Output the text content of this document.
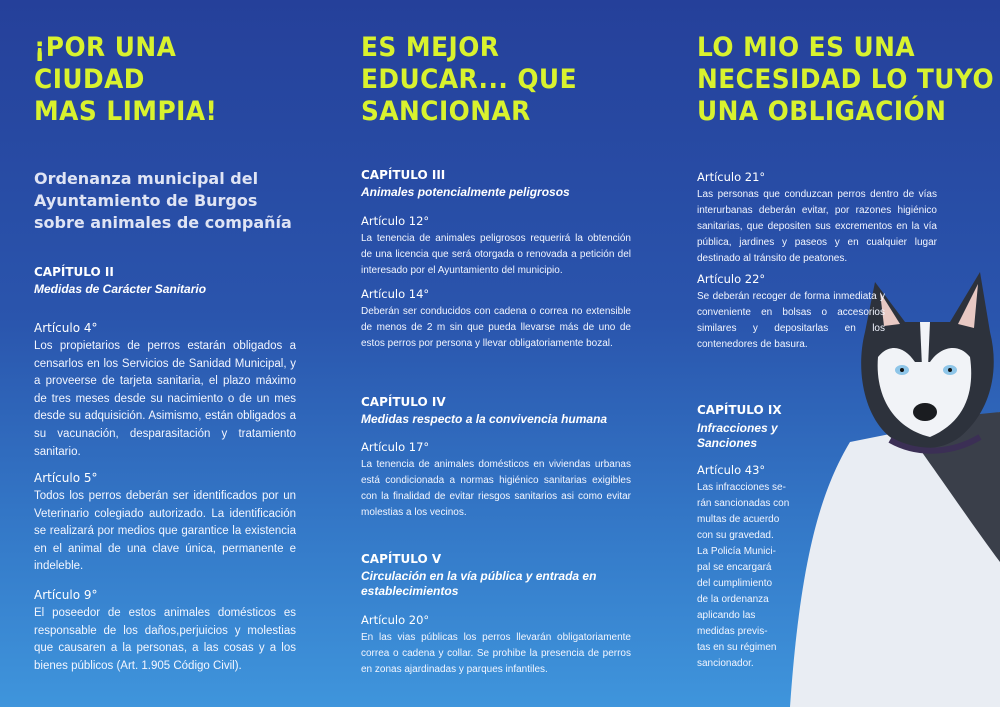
¡POR UNA
CIUDAD
MAS LIMPIA!
Ordenanza municipal del
Ayuntamiento de Burgos
sobre animales de compañía

CAPÍTULO II

Medidas de Carácter Sanitario

Artículo 4°

Los propietarios de perros estarán obligados a censarlos en los Servicios de Sanidad Municipal, y a proveerse de tarjeta sanitaria, el plazo máximo de tres meses desde su nacimiento o de un mes desde su adquisición. Asimismo, están obligados a su vacunación, desparasitación y tratamiento sanitario.

Artículo 5°

Todos los perros deberán ser identificados por un Veterinario colegiado autorizado. La identificación se realizará por medios que garantice la existencia en el animal de una clave única, permanente e indeleble.

Artículo 9°

El poseedor de estos animales domésticos es responsable de los daños,perjuicios y molestias que causaren a la personas, a las cosas y a los bienes públicos (Art. 1.905 Código Civil).

ES MEJOR
EDUCAR... QUE
SANCIONAR

CAPÍTULO III

Animales potencialmente peligrosos

Artículo 12°

La tenencia de animales peligrosos requerirá la obtención de una licencia que será otorgada o renovada a petición del interesado por el Ayuntamiento del municipio.

Artículo 14°

Deberán ser conducidos con cadena o correa no extensible de menos de 2 m sin que pueda llevarse más de uno de estos perros por persona y llevar obligatoriamente bozal.

CAPÍTULO IV

Medidas respecto a la convivencia humana

Artículo 17°

La tenencia de animales domésticos en viviendas urbanas está condicionada a normas higiénico sanitarias exigibles con la finalidad de evitar riesgos sanitarios asi como evitar molestias a los vecinos.

CAPÍTULO V

Circulación en la vía pública y entrada en establecimientos

Artículo 20°

En las vias públicas los perros llevarán obligatoriamente correa o cadena y collar. Se prohibe la presencia de perros en zonas ajardinadas y parques infantiles.

LO MIO ES UNA
NECESIDAD LO TUYO
UNA OBLIGACIÓN

Artículo 21°

Las personas que conduzcan perros dentro de vías interurbanas deberán evitar, por razones higiénico sanitarias, que depositen sus excrementos en la vía pública, jardines y paseos y en cualquier lugar destinado al tránsito de peatones.

Artículo 22°

Se deberán recoger de forma inmediata y conveniente en bolsas o accesorios similares y depositarlas en los contenedores de basura.

CAPÍTULO IX

Infracciones y
Sanciones

Artículo 43°

Las infracciones se-
rán sancionadas con
multas de acuerdo
con su gravedad.
La Policía Munici-
pal se encargará
del cumplimiento
de la ordenanza
aplicando las
medidas previs-
tas en su régimen
sancionador.
